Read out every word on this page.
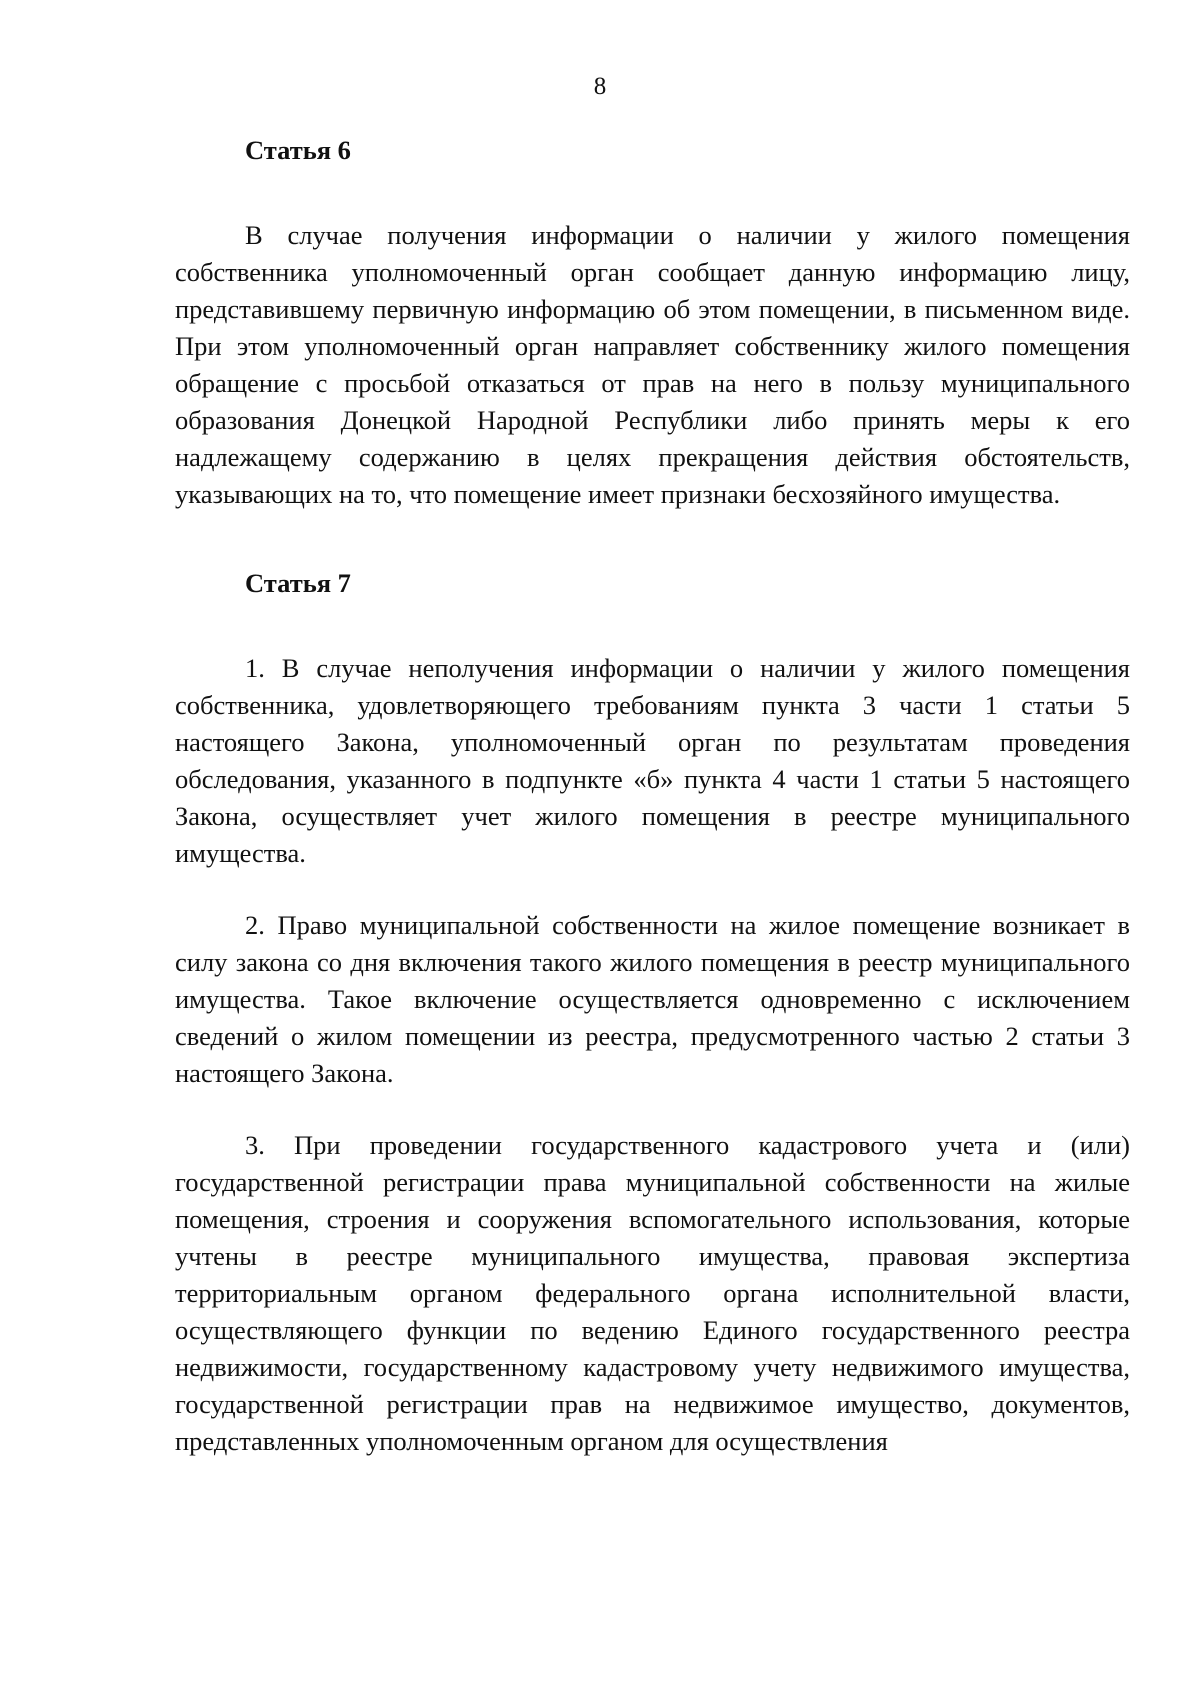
8
Статья 6

В случае получения информации о наличии у жилого помещения собственника уполномоченный орган сообщает данную информацию лицу, представившему первичную информацию об этом помещении, в письменном виде. При этом уполномоченный орган направляет собственнику жилого помещения обращение с просьбой отказаться от прав на него в пользу муниципального образования Донецкой Народной Республики либо принять меры к его надлежащему содержанию в целях прекращения действия обстоятельств, указывающих на то, что помещение имеет признаки бесхозяйного имущества.

Статья 7

1. В случае неполучения информации о наличии у жилого помещения собственника, удовлетворяющего требованиям пункта 3 части 1 статьи 5 настоящего Закона, уполномоченный орган по результатам проведения обследования, указанного в подпункте «б» пункта 4 части 1 статьи 5 настоящего Закона, осуществляет учет жилого помещения в реестре муниципального имущества.

2. Право муниципальной собственности на жилое помещение возникает в силу закона со дня включения такого жилого помещения в реестр муниципального имущества. Такое включение осуществляется одновременно с исключением сведений о жилом помещении из реестра, предусмотренного частью 2 статьи 3 настоящего Закона.

3. При проведении государственного кадастрового учета и (или) государственной регистрации права муниципальной собственности на жилые помещения, строения и сооружения вспомогательного использования, которые учтены в реестре муниципального имущества, правовая экспертиза территориальным органом федерального органа исполнительной власти, осуществляющего функции по ведению Единого государственного реестра недвижимости, государственному кадастровому учету недвижимого имущества, государственной регистрации прав на недвижимое имущество, документов, представленных уполномоченным органом для осуществления
